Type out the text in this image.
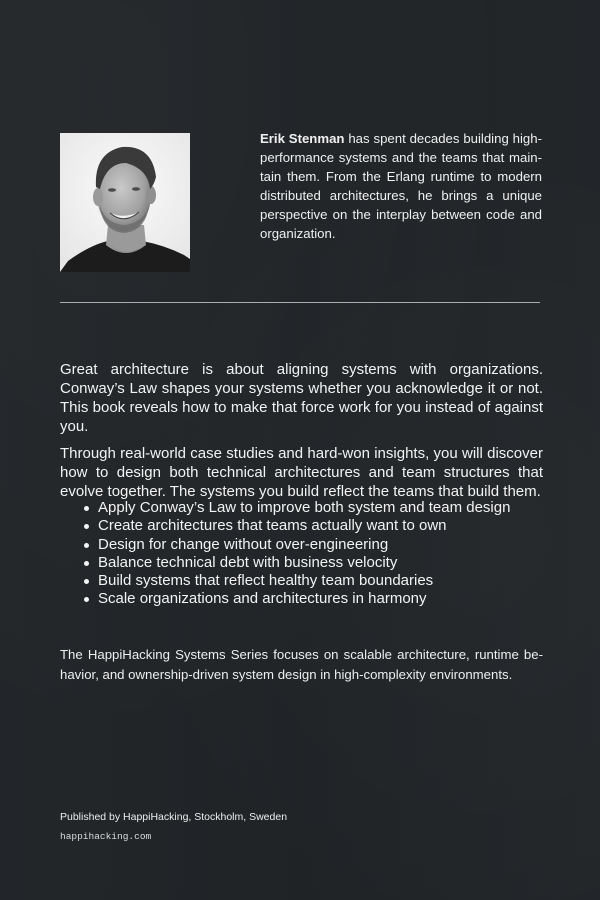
Erik Stenman has spent decades building high-performance systems and the teams that maintain them. From the Erlang runtime to modern distributed architectures, he brings a unique perspective on the interplay between code and organization.

Great architecture is about aligning systems with organizations. Conway’s Law shapes your systems whether you acknowledge it or not. This book reveals how to make that force work for you instead of against you.

Through real-world case studies and hard-won insights, you will discover how to design both technical architectures and team structures that evolve together. The systems you build reflect the teams that build them.

Apply Conway’s Law to improve both system and team design
Create architectures that teams actually want to own
Design for change without over-engineering
Balance technical debt with business velocity
Build systems that reflect healthy team boundaries
Scale organizations and architectures in harmony
The HappiHacking Systems Series focuses on scalable architecture, runtime behavior, and ownership-driven system design in high-complexity environments.
Published by HappiHacking, Stockholm, Sweden
happihacking.com
